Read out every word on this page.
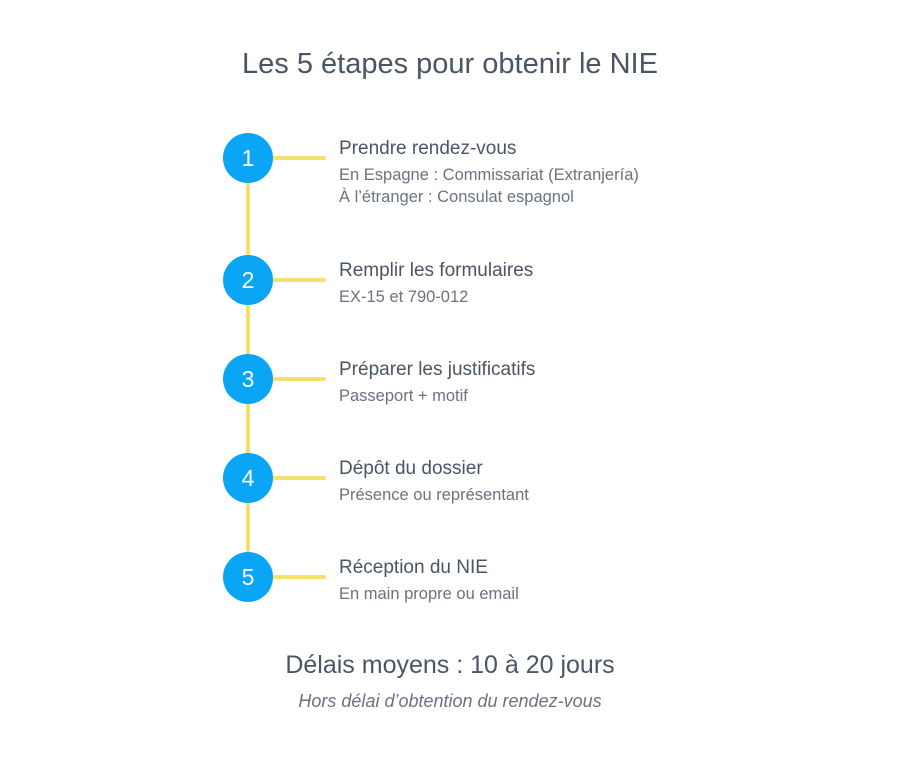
Les 5 étapes pour obtenir le NIE
1	Prendre rendez-vous
En Espagne : Commissariat (Extranjería)
À l’étranger : Consulat espagnol
2	Remplir les formulaires
EX-15 et 790-012
3	Préparer les justificatifs
Passeport + motif
4	Dépôt du dossier
Présence ou représentant
5	Réception du NIE
En main propre ou email
Délais moyens : 10 à 20 jours
Hors délai d’obtention du rendez-vous
